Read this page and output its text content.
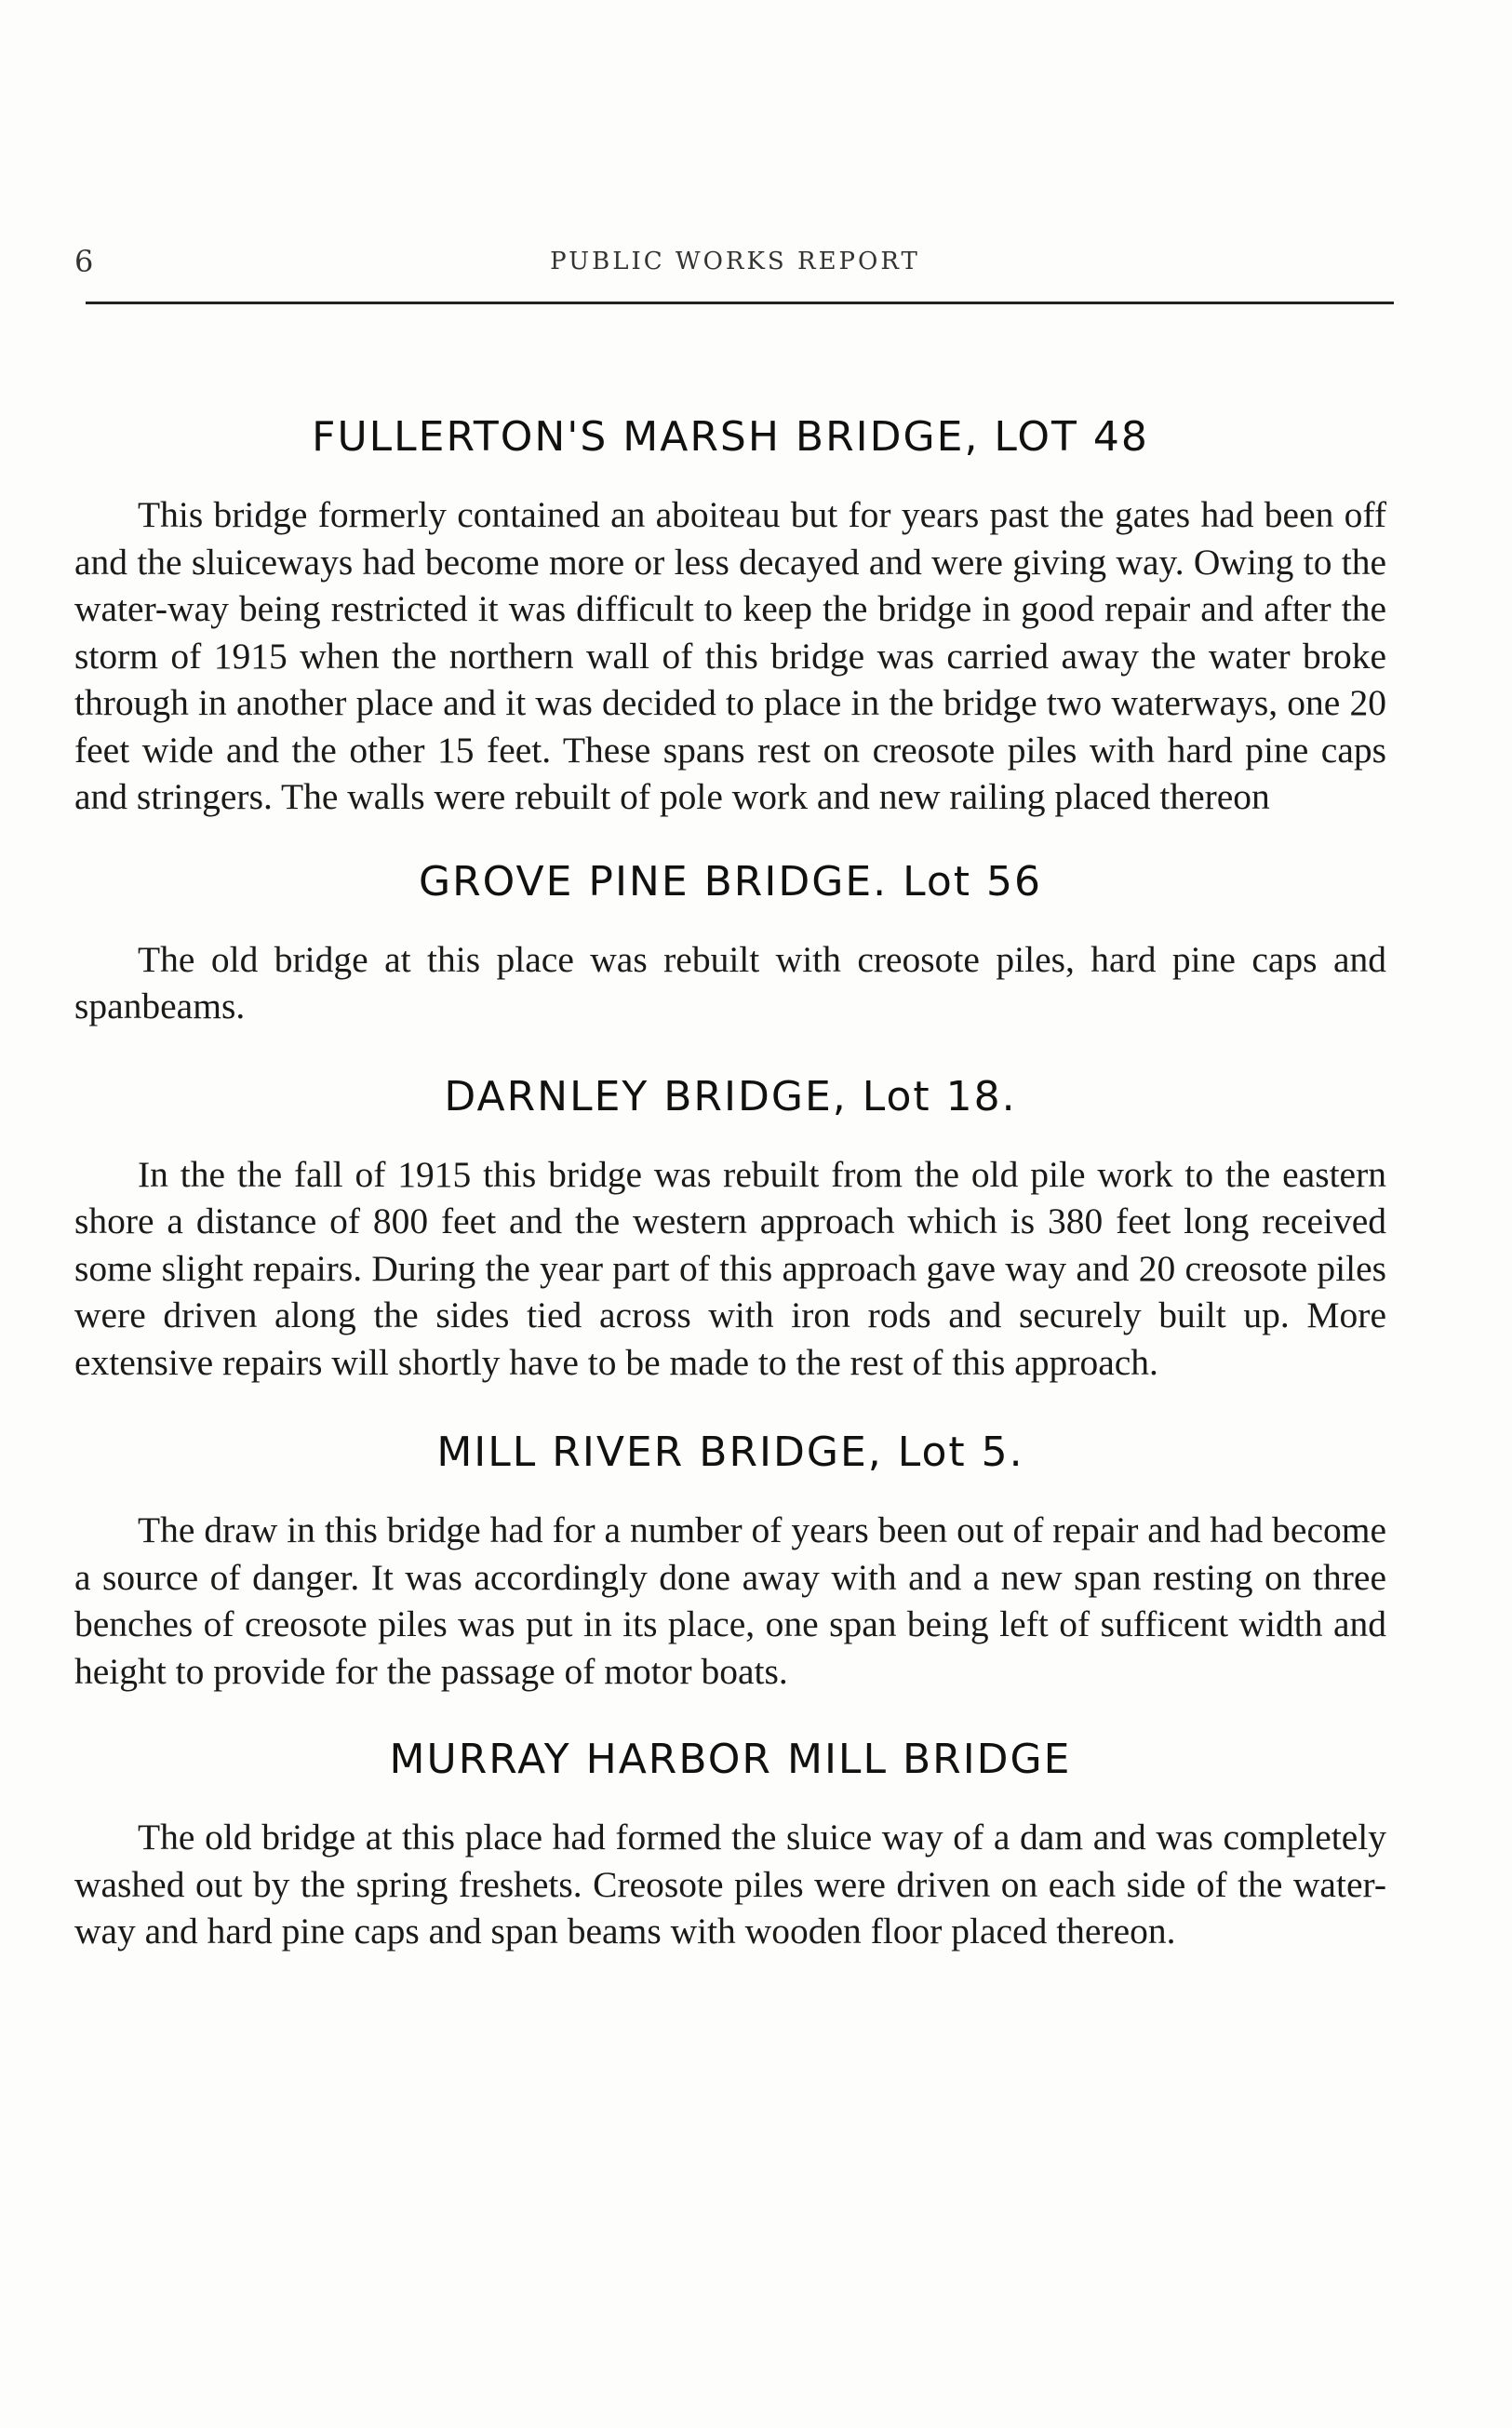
6	PUBLIC WORKS REPORT
FULLERTON'S MARSH BRIDGE, LOT 48

This bridge formerly contained an aboiteau but for years past the gates had been off and the sluiceways had become more or less decayed and were giving way. Owing to the water-way being restricted it was difficult to keep the bridge in good repair and after the storm of 1915 when the northern wall of this bridge was carried away the water broke through in another place and it was decided to place in the bridge two waterways, one 20 feet wide and the other 15 feet. These spans rest on creosote piles with hard pine caps and stringers. The walls were rebuilt of pole work and new railing placed thereon

GROVE PINE BRIDGE. Lot 56

The old bridge at this place was rebuilt with creosote piles, hard pine caps and spanbeams.

DARNLEY BRIDGE, Lot 18.

In the the fall of 1915 this bridge was rebuilt from the old pile work to the eastern shore a distance of 800 feet and the western approach which is 380 feet long received some slight repairs. During the year part of this approach gave way and 20 creosote piles were driven along the sides tied across with iron rods and securely built up. More extensive repairs will shortly have to be made to the rest of this approach.

MILL RIVER BRIDGE, Lot 5.

The draw in this bridge had for a number of years been out of repair and had become a source of danger. It was accordingly done away with and a new span resting on three benches of creosote piles was put in its place, one span being left of sufficent width and height to provide for the passage of motor boats.

MURRAY HARBOR MILL BRIDGE

The old bridge at this place had formed the sluice way of a dam and was completely washed out by the spring freshets. Creosote piles were driven on each side of the water-way and hard pine caps and span beams with wooden floor placed thereon.
